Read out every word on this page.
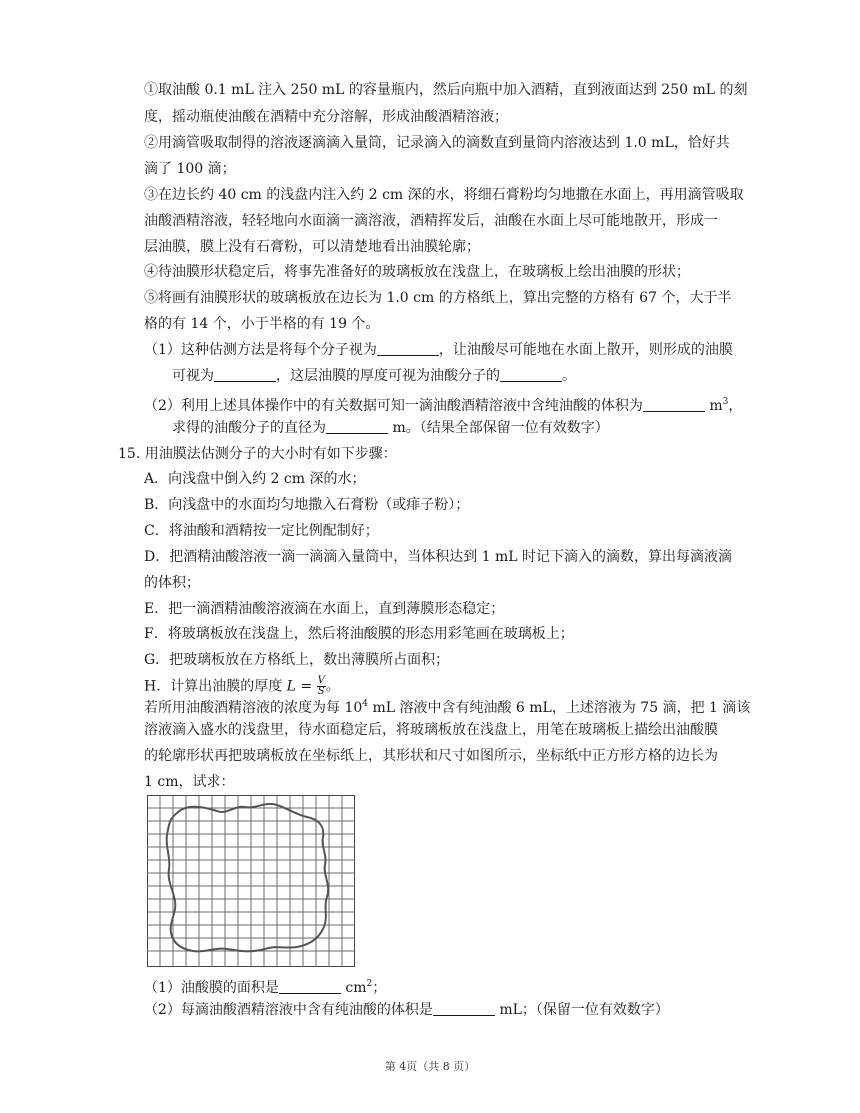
①取油酸 0.1 mL 注入 250 mL 的容量瓶内，然后向瓶中加入酒精，直到液面达到 250 mL 的刻
度，摇动瓶使油酸在酒精中充分溶解，形成油酸酒精溶液；
②用滴管吸取制得的溶液逐滴滴入量筒，记录滴入的滴数直到量筒内溶液达到 1.0 mL，恰好共
滴了 100 滴；
③在边长约 40 cm 的浅盘内注入约 2 cm 深的水，将细石膏粉均匀地撒在水面上，再用滴管吸取
油酸酒精溶液，轻轻地向水面滴一滴溶液，酒精挥发后，油酸在水面上尽可能地散开，形成一
层油膜，膜上没有石膏粉，可以清楚地看出油膜轮廓；
④待油膜形状稳定后，将事先准备好的玻璃板放在浅盘上，在玻璃板上绘出油膜的形状；
⑤将画有油膜形状的玻璃板放在边长为 1.0 cm 的方格纸上，算出完整的方格有 67 个，大于半
格的有 14 个，小于半格的有 19 个。
（1）这种估测方法是将每个分子视为	，让油酸尽可能地在水面上散开，则形成的油膜
可视为	，这层油膜的厚度可视为油酸分子的	。
（2）利用上述具体操作中的有关数据可知一滴油酸酒精溶液中含纯油酸的体积为	$m^3$，
求得的油酸分子的直径为	m。（结果全部保留一位有效数字）
15. 用油膜法估测分子的大小时有如下步骤：
A．向浅盘中倒入约 2 cm 深的水；
B．向浅盘中的水面均匀地撒入石膏粉（或痱子粉）；
C．将油酸和酒精按一定比例配制好；
D．把酒精油酸溶液一滴一滴滴入量筒中，当体积达到 1 mL 时记下滴入的滴数，算出每滴液滴
的体积；
E．把一滴酒精油酸溶液滴在水面上，直到薄膜形态稳定；
F．将玻璃板放在浅盘上，然后将油酸膜的形态用彩笔画在玻璃板上；
G．把玻璃板放在方格纸上，数出薄膜所占面积；
H．计算出油膜的厚度 $L = \frac{V}{S}$ 。
若所用油酸酒精溶液的浓度为每 $10^4$ mL 溶液中含有纯油酸 6 mL，上述溶液为 75 滴，把 1 滴该
溶液滴入盛水的浅盘里，待水面稳定后，将玻璃板放在浅盘上，用笔在玻璃板上描绘出油酸膜
的轮廓形状再把玻璃板放在坐标纸上，其形状和尺寸如图所示，坐标纸中正方形方格的边长为
1 cm，试求：
（1）油酸膜的面积是	$cm^2$；
（2）每滴油酸酒精溶液中含有纯油酸的体积是	mL；（保留一位有效数字）
第 4页（共 8 页）
